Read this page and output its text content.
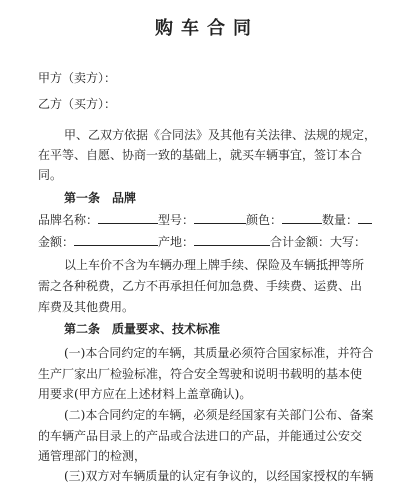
购车合同
甲方（卖方）：
乙方（买方）：
甲、乙双方依据《合同法》及其他有关法律、法规的规定，
在平等、自愿、协商一致的基础上，就买车辆事宜，签订本合
同。
第一条　品牌
品牌名称：	型号：	颜色：	数量：
金额：	产地：	合计金额：大写：
以上车价不含为车辆办理上牌手续、保险及车辆抵押等所
需之各种税费，乙方不再承担任何加急费、手续费、运费、出
库费及其他费用。
第二条　质量要求、技术标准
(一)本合同约定的车辆，其质量必须符合国家标准，并符合
生产厂家出厂检验标准，符合安全驾驶和说明书载明的基本使
用要求(甲方应在上述材料上盖章确认)。
(二)本合同约定的车辆，必须是经国家有关部门公布、备案
的车辆产品目录上的产品或合法进口的产品，并能通过公安交
通管理部门的检测，
(三)双方对车辆质量的认定有争议的，以经国家授权的车辆
